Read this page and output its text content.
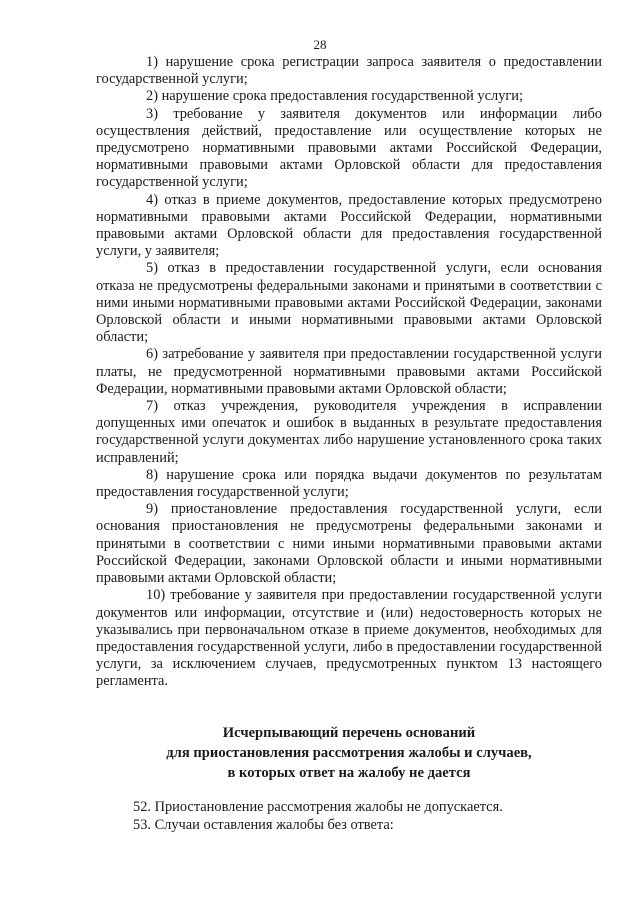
28

1) нарушение срока регистрации запроса заявителя о предоставлении государственной услуги;

2) нарушение срока предоставления государственной услуги;

3) требование у заявителя документов или информации либо осуществления действий, предоставление или осуществление которых не предусмотрено нормативными правовыми актами Российской Федерации, нормативными правовыми актами Орловской области для предоставления государственной услуги;

4) отказ в приеме документов, предоставление которых предусмотрено нормативными правовыми актами Российской Федерации, нормативными правовыми актами Орловской области для предоставления государственной услуги, у заявителя;

5) отказ в предоставлении государственной услуги, если основания отказа не предусмотрены федеральными законами и принятыми в соответствии с ними иными нормативными правовыми актами Российской Федерации, законами Орловской области и иными нормативными правовыми актами Орловской области;

6) затребование у заявителя при предоставлении государственной услуги платы, не предусмотренной нормативными правовыми актами Российской Федерации, нормативными правовыми актами Орловской области;

7) отказ учреждения, руководителя учреждения в исправлении допущенных ими опечаток и ошибок в выданных в результате предоставления государственной услуги документах либо нарушение установленного срока таких исправлений;

8) нарушение срока или порядка выдачи документов по результатам предоставления государственной услуги;

9) приостановление предоставления государственной услуги, если основания приостановления не предусмотрены федеральными законами и принятыми в соответствии с ними иными нормативными правовыми актами Российской Федерации, законами Орловской области и иными нормативными правовыми актами Орловской области;

10) требование у заявителя при предоставлении государственной услуги документов или информации, отсутствие и (или) недостоверность которых не указывались при первоначальном отказе в приеме документов, необходимых для предоставления государственной услуги, либо в предоставлении государственной услуги, за исключением случаев, предусмотренных пунктом 13 настоящего регламента.

Исчерпывающий перечень оснований
для приостановления рассмотрения жалобы и случаев,
в которых ответ на жалобу не дается

52. Приостановление рассмотрения жалобы не допускается.

53. Случаи оставления жалобы без ответа:
